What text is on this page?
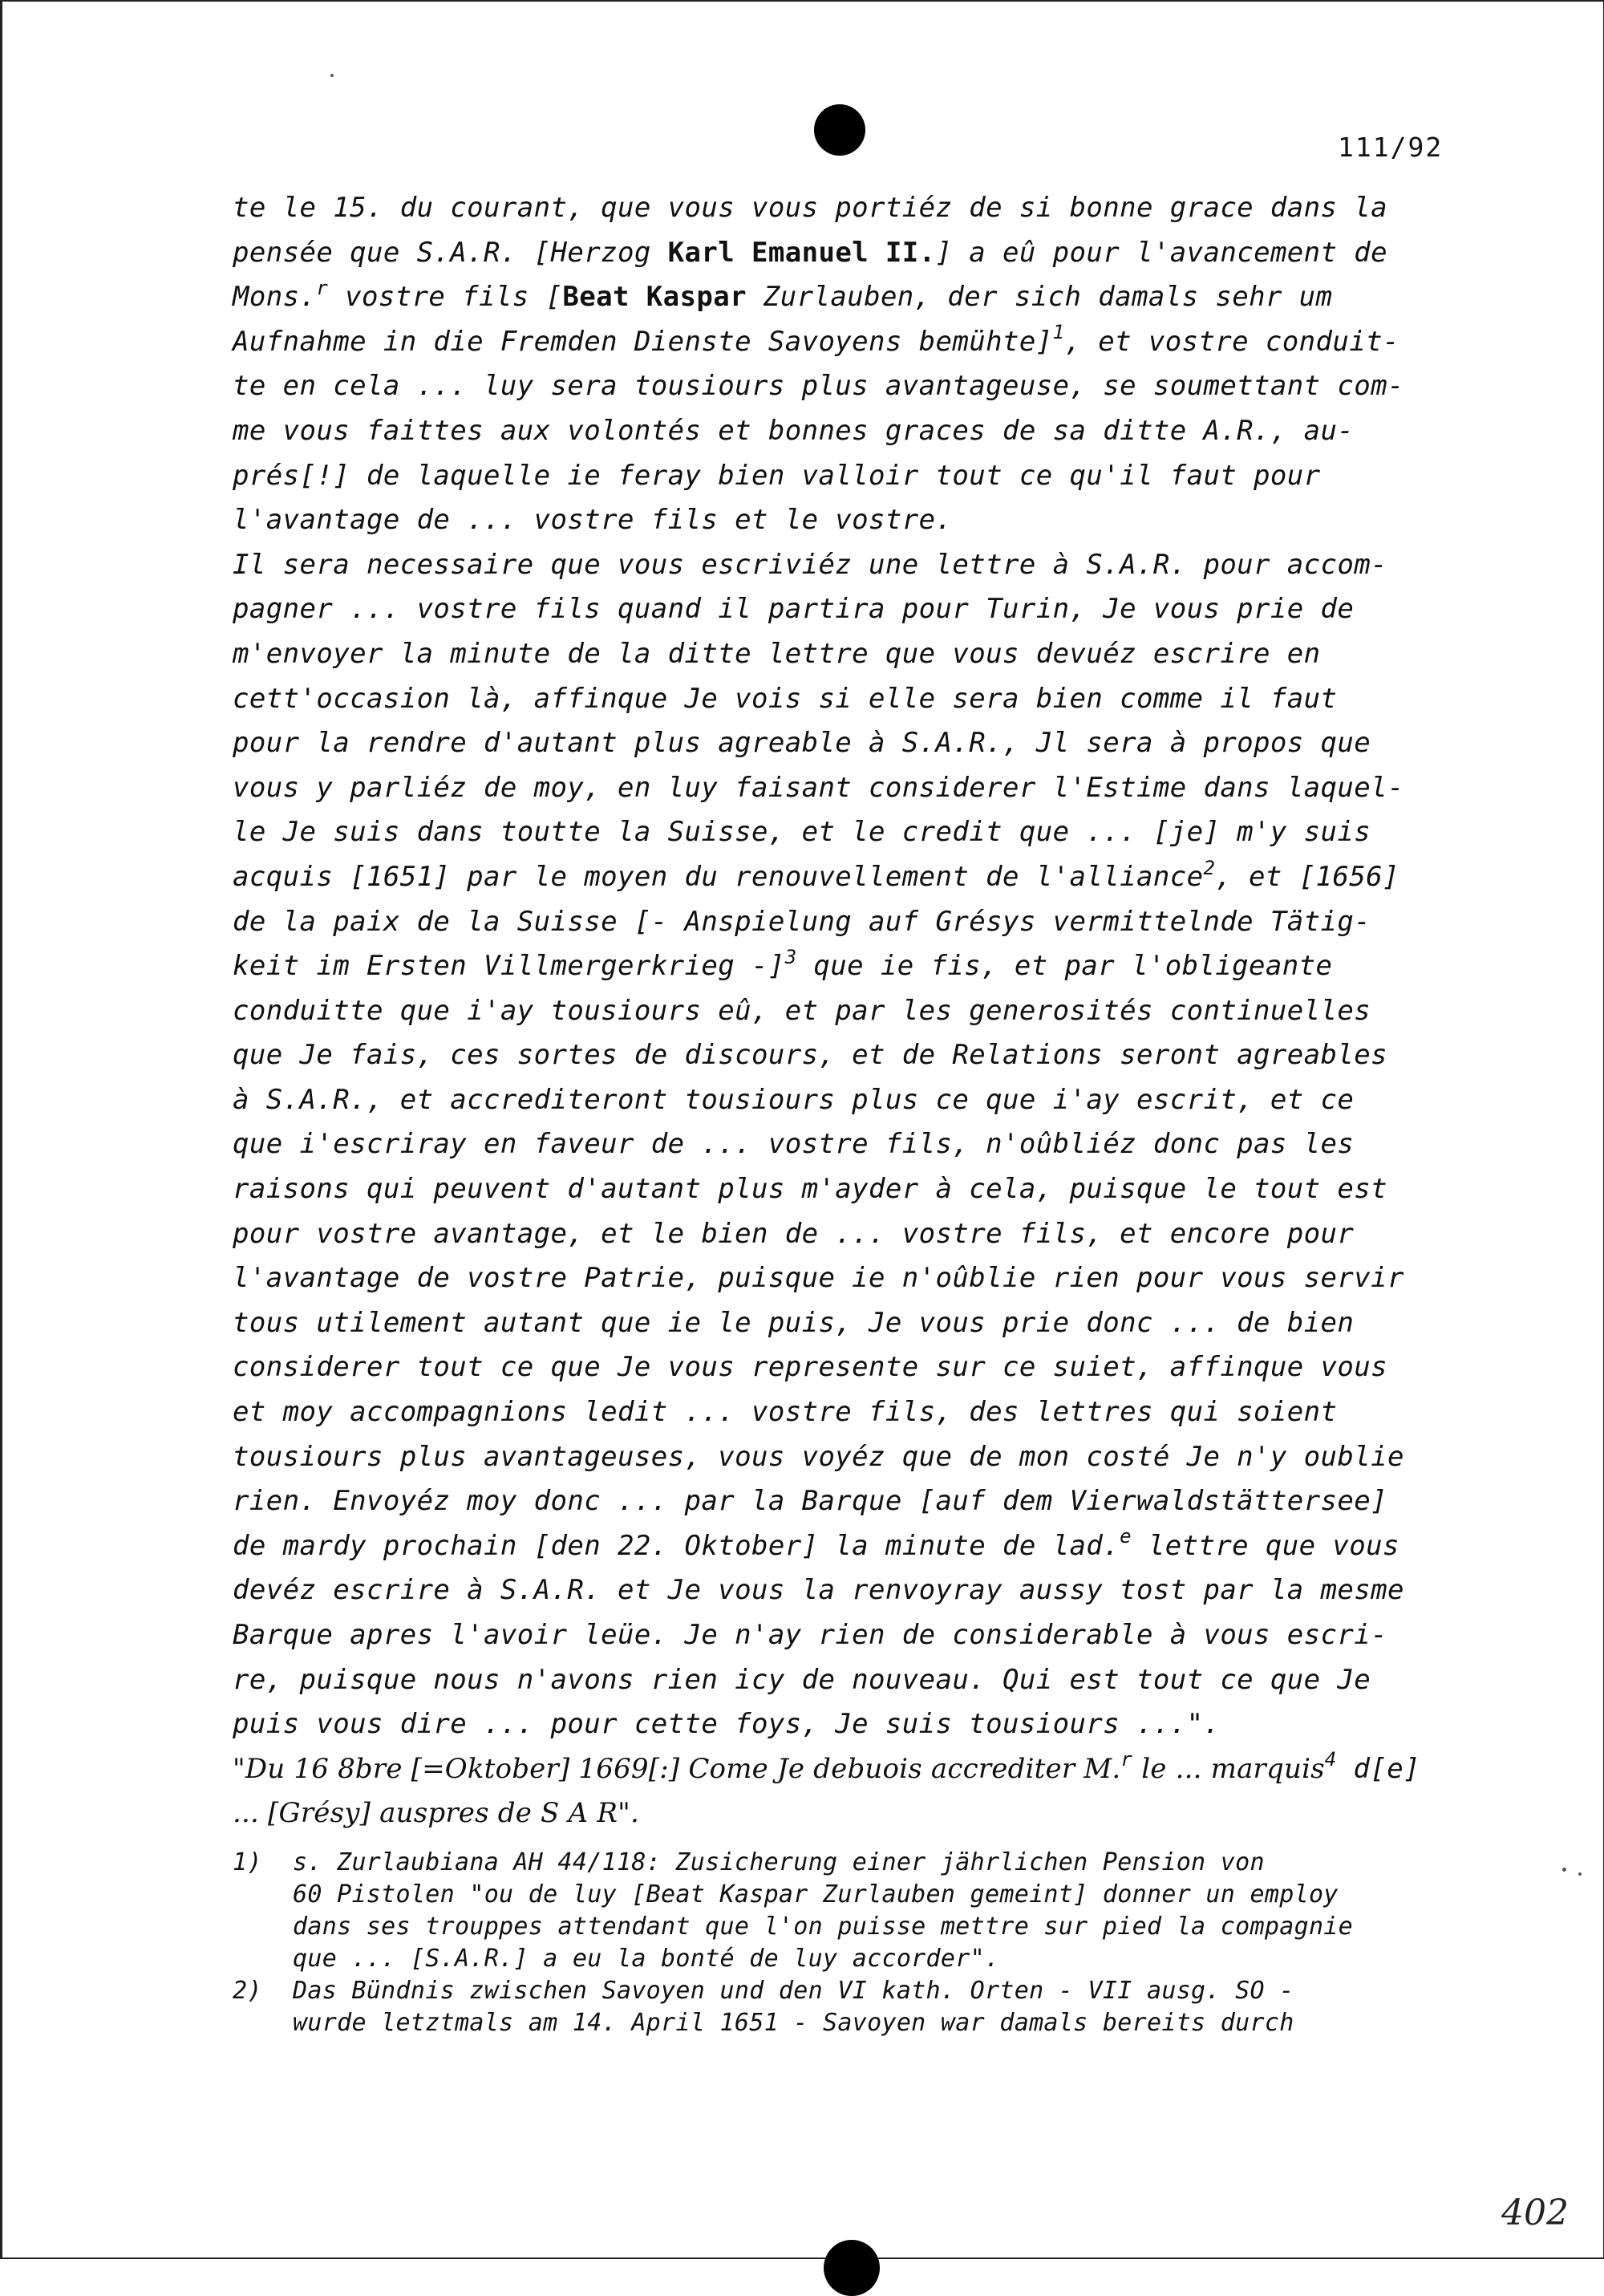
111/92
te le 15. du courant, que vous vous portiéz de si bonne grace dans la
pensée que S.A.R. [Herzog Karl Emanuel II.] a eû pour l'avancement de
Mons.$^r$ vostre fils [Beat Kaspar Zurlauben, der sich damals sehr um
Aufnahme in die Fremden Dienste Savoyens bemühte]$^1$, et vostre conduit-
te en cela ... luy sera tousiours plus avantageuse, se soumettant com-
me vous faittes aux volontés et bonnes graces de sa ditte A.R., au-
prés[!] de laquelle ie feray bien valloir tout ce qu'il faut pour
l'avantage de ... vostre fils et le vostre.
Il sera necessaire que vous escriviéz une lettre à S.A.R. pour accom-
pagner ... vostre fils quand il partira pour Turin, Je vous prie de
m'envoyer la minute de la ditte lettre que vous devuéz escrire en
cett'occasion là, affinque Je vois si elle sera bien comme il faut
pour la rendre d'autant plus agreable à S.A.R., Jl sera à propos que
vous y parliéz de moy, en luy faisant considerer l'Estime dans laquel-
le Je suis dans toutte la Suisse, et le credit que ... [je] m'y suis
acquis [1651] par le moyen du renouvellement de l'alliance$^2$, et [1656]
de la paix de la Suisse [- Anspielung auf Grésys vermittelnde Tätig-
keit im Ersten Villmergerkrieg -]$^3$ que ie fis, et par l'obligeante
conduitte que i'ay tousiours eû, et par les generosités continuelles
que Je fais, ces sortes de discours, et de Relations seront agreables
à S.A.R., et accrediteront tousiours plus ce que i'ay escrit, et ce
que i'escriray en faveur de ... vostre fils, n'oûbliéz donc pas les
raisons qui peuvent d'autant plus m'ayder à cela, puisque le tout est
pour vostre avantage, et le bien de ... vostre fils, et encore pour
l'avantage de vostre Patrie, puisque ie n'oûblie rien pour vous servir
tous utilement autant que ie le puis, Je vous prie donc ... de bien
considerer tout ce que Je vous represente sur ce suiet, affinque vous
et moy accompagnions ledit ... vostre fils, des lettres qui soient
tousiours plus avantageuses, vous voyéz que de mon costé Je n'y oublie
rien. Envoyéz moy donc ... par la Barque [auf dem Vierwaldstättersee]
de mardy prochain [den 22. Oktober] la minute de lad.$^e$ lettre que vous
devéz escrire à S.A.R. et Je vous la renvoyray aussy tost par la mesme
Barque apres l'avoir leüe. Je n'ay rien de considerable à vous escri-
re, puisque nous n'avons rien icy de nouveau. Qui est tout ce que Je
puis vous dire ... pour cette foys, Je suis tousiours ...".
"Du 16 8bre [=Oktober] 1669[:] Come Je debuois accrediter M.$^r$ le ... marquis$^4$ d[e]
... [Grésy] auspres de S A R".
1) s. Zurlaubiana AH 44/118: Zusicherung einer jährlichen Pension von
60 Pistolen "ou de luy [Beat Kaspar Zurlauben gemeint] donner un employ
dans ses trouppes attendant que l'on puisse mettre sur pied la compagnie
que ... [S.A.R.] a eu la bonté de luy accorder".
2) Das Bündnis zwischen Savoyen und den VI kath. Orten - VII ausg. SO -
wurde letztmals am 14. April 1651 - Savoyen war damals bereits durch
402
